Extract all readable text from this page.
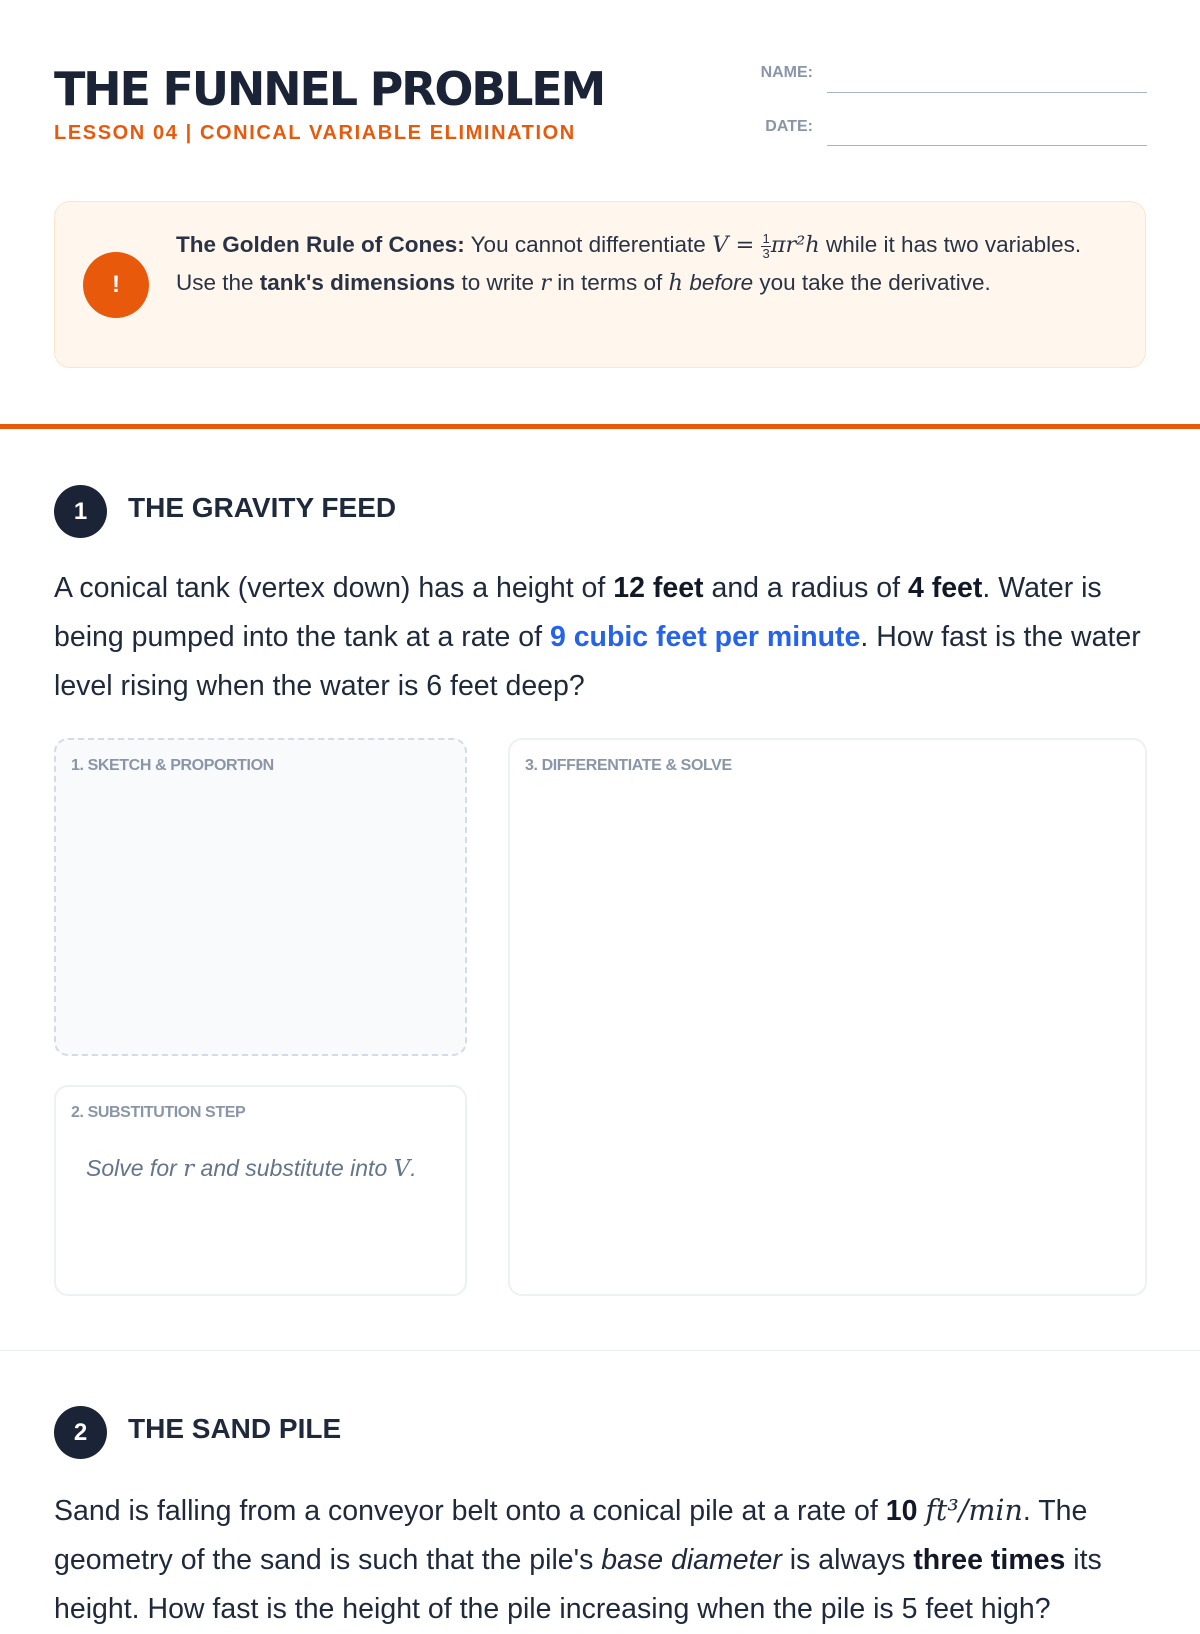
THE FUNNEL PROBLEM
LESSON 04 | CONICAL VARIABLE ELIMINATION
NAME:
DATE:
!
The Golden Rule of Cones: You cannot differentiate $V = \frac{1}{3} \pi r^2h$ while it has two variables. Use the tank's dimensions to write r in terms of h before you take the derivative.
1	THE GRAVITY FEED
A conical tank (vertex down) has a height of 12 feet and a radius of 4 feet. Water is being pumped into the tank at a rate of 9 cubic feet per minute. How fast is the water level rising when the water is 6 feet deep?
1. SKETCH & PROPORTION
2. SUBSTITUTION STEP
Solve for r and substitute into V.
3. DIFFERENTIATE & SOLVE
2	THE SAND PILE
Sand is falling from a conveyor belt onto a conical pile at a rate of 10 ft³/min. The geometry of the sand is such that the pile's base diameter is always three times its height. How fast is the height of the pile increasing when the pile is 5 feet high?
